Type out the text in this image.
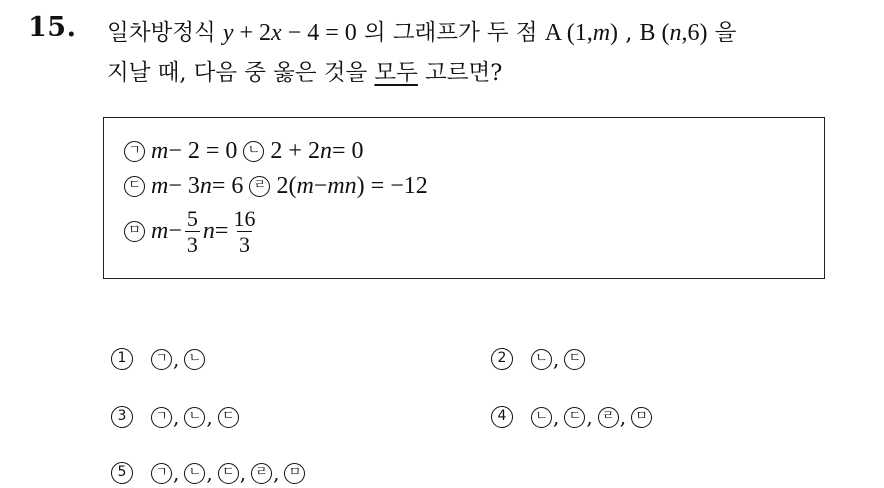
15. 일차방정식 y + 2x − 4 = 0 의 그래프가 두 점 A (1,m) , B (n,6) 을
지날 때, 다음 중 옳은 것을 모두 고르면?
ㄱ m − 2 = 0 ㄴ 2 + 2 n = 0
ㄷ m − 3 n = 6 ㄹ 2( m − mn ) = −12
ㅁ $m - \frac{5}{3}$ $n = \frac{16}{3}$
1	ㄱ , ㄴ	2	ㄴ , ㄷ
3	ㄱ , ㄴ , ㄷ	4	ㄴ , ㄷ , ㄹ , ㅁ
5	ㄱ , ㄴ , ㄷ , ㄹ , ㅁ
